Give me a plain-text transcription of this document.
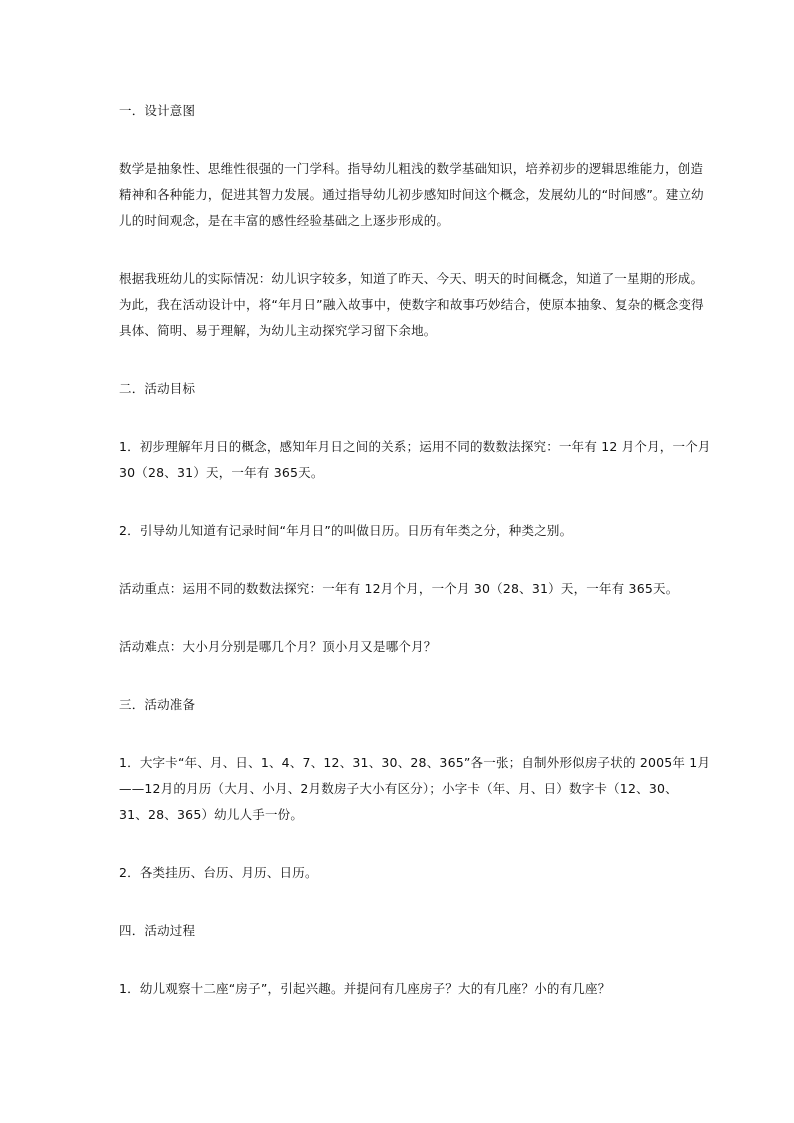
一．设计意图

数学是抽象性、思维性很强的一门学科。指导幼儿粗浅的数学基础知识，培养初步的逻辑思维能力，创造
精神和各种能力，促进其智力发展。通过指导幼儿初步感知时间这个概念，发展幼儿的“时间感”。建立幼
儿的时间观念，是在丰富的感性经验基础之上逐步形成的。

根据我班幼儿的实际情况：幼儿识字较多，知道了昨天、今天、明天的时间概念，知道了一星期的形成。
为此，我在活动设计中，将“年月日”融入故事中，使数字和故事巧妙结合，使原本抽象、复杂的概念变得
具体、简明、易于理解，为幼儿主动探究学习留下余地。

二．活动目标

1．初步理解年月日的概念，感知年月日之间的关系；运用不同的数数法探究：一年有 12 月个月，一个月
30（28、31）天，一年有 365天。

2．引导幼儿知道有记录时间“年月日”的叫做日历。日历有年类之分，种类之别。

活动重点：运用不同的数数法探究：一年有 12月个月，一个月 30（28、31）天，一年有 365天。

活动难点：大小月分别是哪几个月？顶小月又是哪个月？

三．活动准备

1．大字卡“年、月、日、1、4、7、12、31、30、28、365”各一张；自制外形似房子状的 2005年 1月
——12月的月历（大月、小月、2月数房子大小有区分）；小字卡（年、月、日）数字卡（12、30、
31、28、365）幼儿人手一份。

2．各类挂历、台历、月历、日历。

四．活动过程

1．幼儿观察十二座“房子”，引起兴趣。并提问有几座房子？大的有几座？小的有几座？
